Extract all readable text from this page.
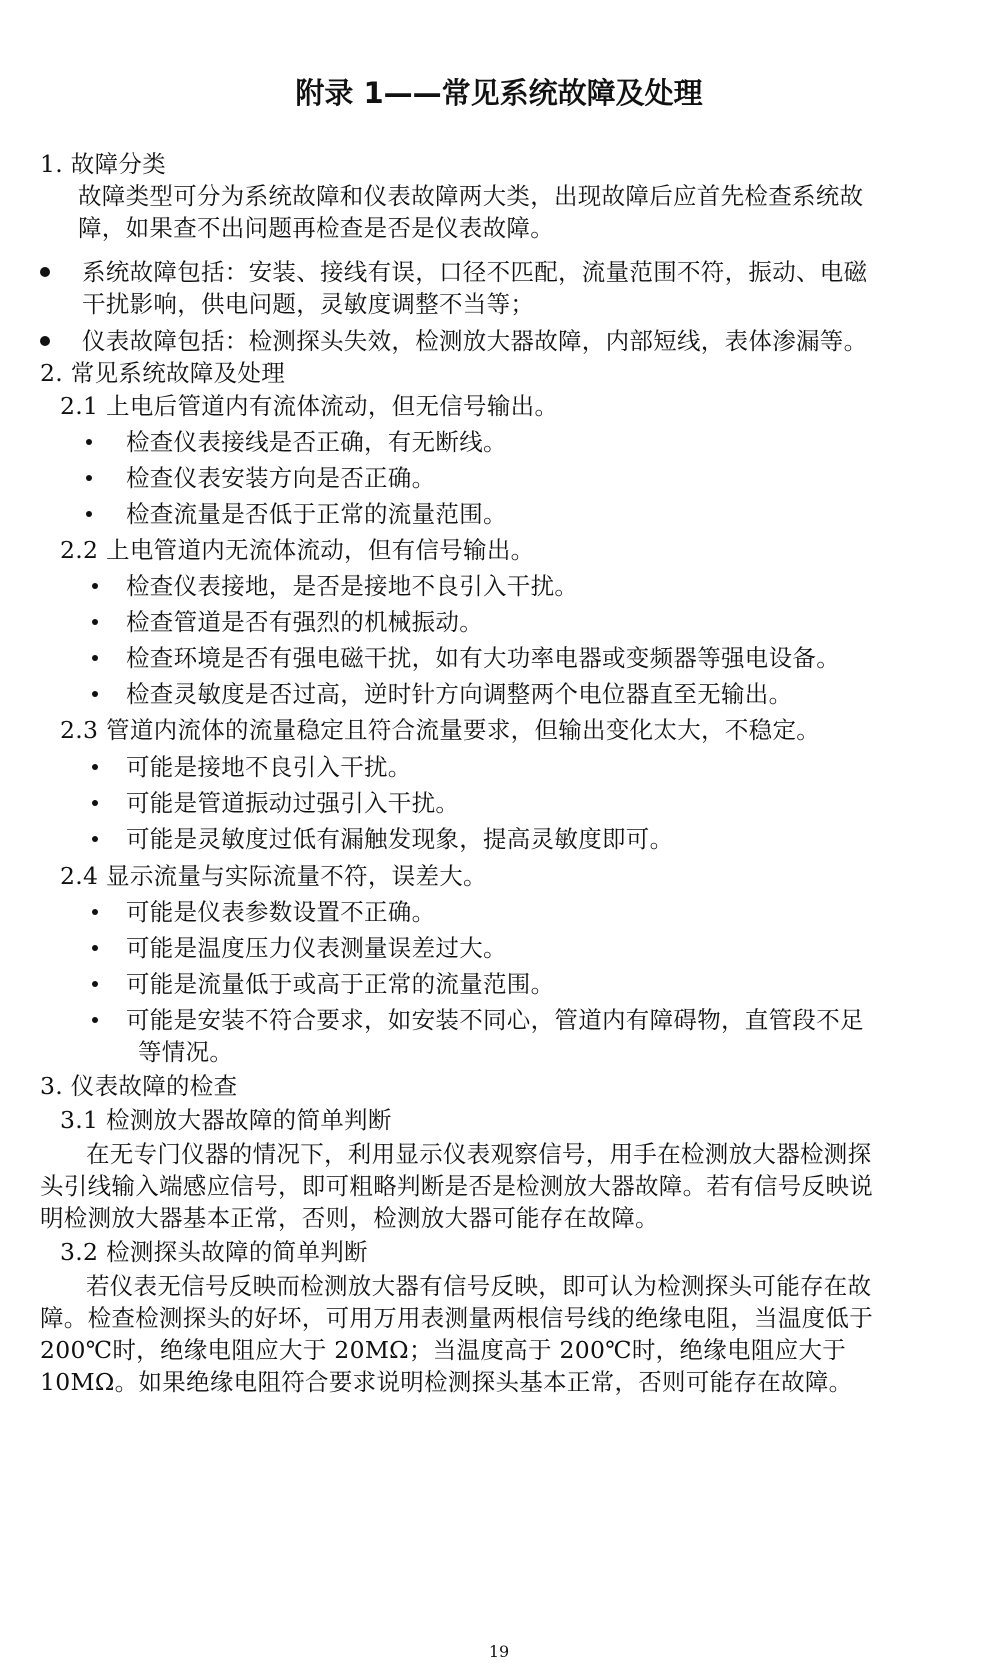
附录 1——常见系统故障及处理
1. 故障分类
故障类型可分为系统故障和仪表故障两大类，出现故障后应首先检查系统故
障，如果查不出问题再检查是否是仪表故障。
系统故障包括：安装、接线有误，口径不匹配，流量范围不符，振动、电磁
干扰影响，供电问题，灵敏度调整不当等；
仪表故障包括：检测探头失效，检测放大器故障，内部短线，表体渗漏等。
2. 常见系统故障及处理
2.1 上电后管道内有流体流动，但无信号输出。
检查仪表接线是否正确，有无断线。
检查仪表安装方向是否正确。
检查流量是否低于正常的流量范围。
2.2 上电管道内无流体流动，但有信号输出。
检查仪表接地，是否是接地不良引入干扰。
检查管道是否有强烈的机械振动。
检查环境是否有强电磁干扰，如有大功率电器或变频器等强电设备。
检查灵敏度是否过高，逆时针方向调整两个电位器直至无输出。
2.3 管道内流体的流量稳定且符合流量要求，但输出变化太大，不稳定。
可能是接地不良引入干扰。
可能是管道振动过强引入干扰。
可能是灵敏度过低有漏触发现象，提高灵敏度即可。
2.4 显示流量与实际流量不符，误差大。
可能是仪表参数设置不正确。
可能是温度压力仪表测量误差过大。
可能是流量低于或高于正常的流量范围。
可能是安装不符合要求，如安装不同心，管道内有障碍物，直管段不足
等情况。
3. 仪表故障的检查
3.1 检测放大器故障的简单判断
在无专门仪器的情况下，利用显示仪表观察信号，用手在检测放大器检测探
头引线输入端感应信号，即可粗略判断是否是检测放大器故障。若有信号反映说
明检测放大器基本正常，否则，检测放大器可能存在故障。
3.2 检测探头故障的简单判断
若仪表无信号反映而检测放大器有信号反映，即可认为检测探头可能存在故
障。检查检测探头的好坏，可用万用表测量两根信号线的绝缘电阻，当温度低于
200℃时，绝缘电阻应大于 20MΩ；当温度高于 200℃时，绝缘电阻应大于
10MΩ。如果绝缘电阻符合要求说明检测探头基本正常，否则可能存在故障。
19
